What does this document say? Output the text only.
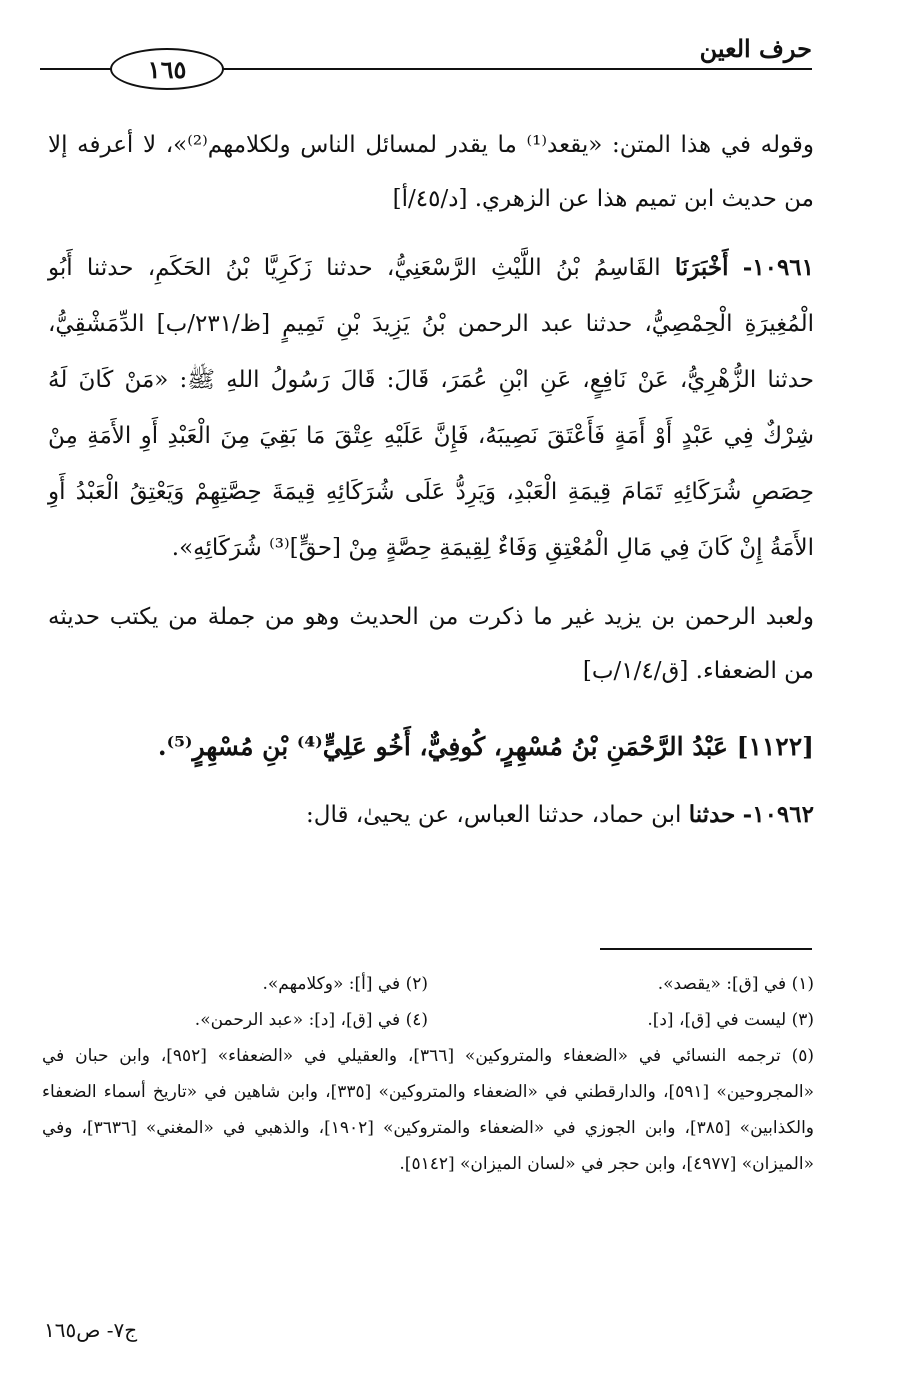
حرف العين
١٦٥

وقوله في هذا المتن: «يقعد⁽¹⁾ ما يقدر لمسائل الناس ولكلامهم⁽²⁾»، لا أعرفه إلا من حديث ابن تميم هذا عن الزهري. [د/٤٥/أ]

١٠٩٦١- أَخْبَرَنَا القَاسِمُ بْنُ اللَّيْثِ الرَّسْعَنِيُّ، حدثنا زَكَرِيَّا بْنُ الحَكَمِ، حدثنا أَبُو الْمُغِيرَةِ الْحِمْصِيُّ، حدثنا عبد الرحمن بْنُ يَزِيدَ بْنِ تَمِيمٍ [ظ/٢٣١/ب] الدِّمَشْقِيُّ، حدثنا الزُّهْرِيُّ، عَنْ نَافِعٍ، عَنِ ابْنِ عُمَرَ، قَالَ: قَالَ رَسُولُ اللهِ ﷺ: «مَنْ كَانَ لَهُ شِرْكٌ فِي عَبْدٍ أَوْ أَمَةٍ فَأَعْتَقَ نَصِيبَهُ، فَإِنَّ عَلَيْهِ عِتْقَ مَا بَقِيَ مِنَ الْعَبْدِ أَوِ الأَمَةِ مِنْ حِصَصِ شُرَكَائِهِ تَمَامَ قِيمَةِ الْعَبْدِ، وَيَرِدُّ عَلَى شُرَكَائِهِ قِيمَةَ حِصَّتِهِمْ وَيَعْتِقُ الْعَبْدُ أَوِ الأَمَةُ إِنْ كَانَ فِي مَالِ الْمُعْتِقِ وَفَاءٌ لِقِيمَةِ حِصَّةٍ مِنْ [حقٍّ]⁽³⁾ شُرَكَائِهِ».

ولعبد الرحمن بن يزيد غير ما ذكرت من الحديث وهو من جملة من يكتب حديثه من الضعفاء. [ق/١/٤/ب]

[١١٢٢] عَبْدُ الرَّحْمَنِ بْنُ مُسْهِرٍ، كُوفِيٌّ، أَخُو عَلِيٍّ⁽⁴⁾ بْنِ مُسْهِرٍ⁽⁵⁾.

١٠٩٦٢- حدثنا ابن حماد، حدثنا العباس، عن يحيىٰ، قال:

(١) في [ق]: «يقصد».
(٢) في [أ]: «وكلامهم».
(٣) ليست في [ق]، [د].
(٤) في [ق]، [د]: «عبد الرحمن».
(٥) ترجمه النسائي في «الضعفاء والمتروكين» [٣٦٦]، والعقيلي في «الضعفاء» [٩٥٢]، وابن حبان في «المجروحين» [٥٩١]، والدارقطني في «الضعفاء والمتروكين» [٣٣٥]، وابن شاهين في «تاريخ أسماء الضعفاء والكذابين» [٣٨٥]، وابن الجوزي في «الضعفاء والمتروكين» [١٩٠٢]، والذهبي في «المغني» [٣٦٣٦]، وفي «الميزان» [٤٩٧٧]، وابن حجر في «لسان الميزان» [٥١٤٢].
ج٧- ص١٦٥
